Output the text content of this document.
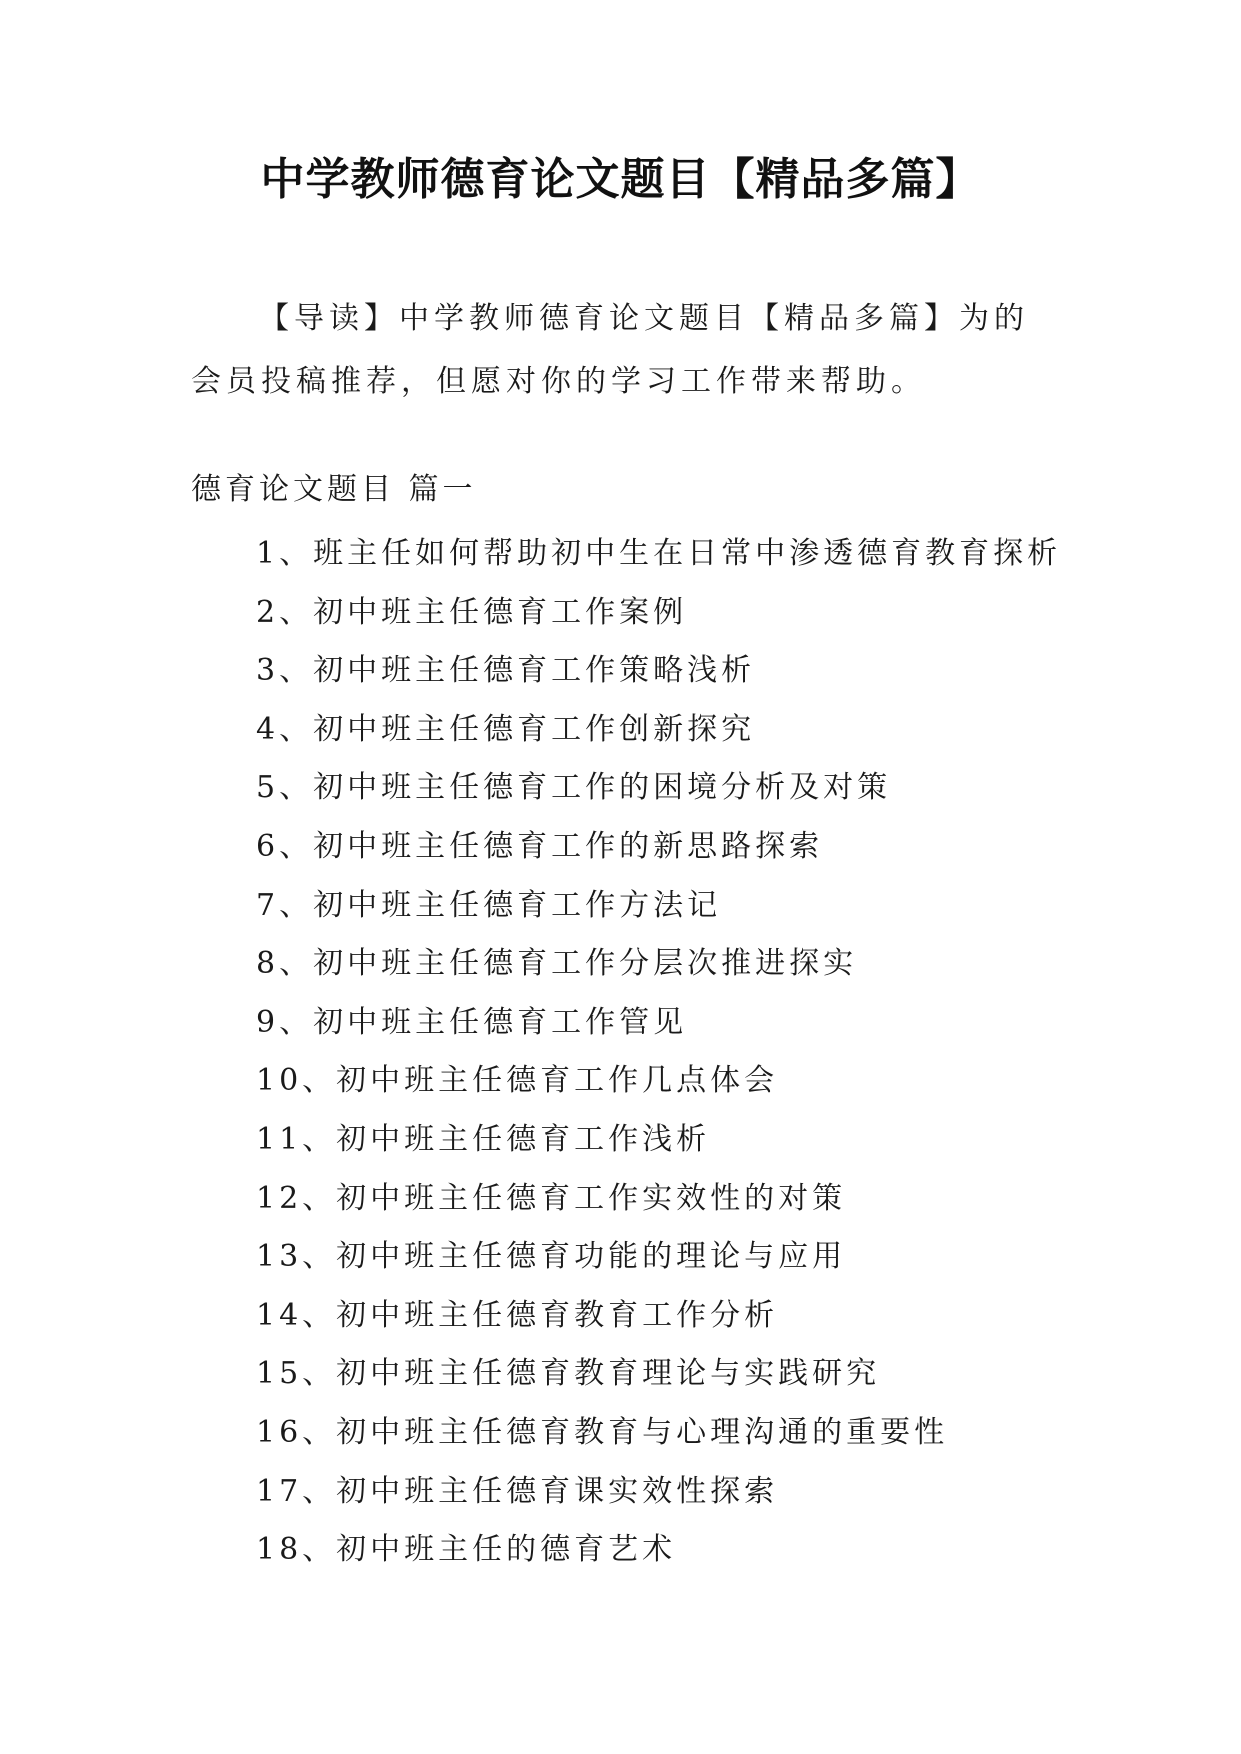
中学教师德育论文题目【精品多篇】

【导读】中学教师德育论文题目【精品多篇】为的会员投稿推荐，但愿对你的学习工作带来帮助。

德育论文题目 篇一

1、班主任如何帮助初中生在日常中渗透德育教育探析
2、初中班主任德育工作案例
3、初中班主任德育工作策略浅析
4、初中班主任德育工作创新探究
5、初中班主任德育工作的困境分析及对策
6、初中班主任德育工作的新思路探索
7、初中班主任德育工作方法记
8、初中班主任德育工作分层次推进探实
9、初中班主任德育工作管见
10、初中班主任德育工作几点体会
11、初中班主任德育工作浅析
12、初中班主任德育工作实效性的对策
13、初中班主任德育功能的理论与应用
14、初中班主任德育教育工作分析
15、初中班主任德育教育理论与实践研究
16、初中班主任德育教育与心理沟通的重要性
17、初中班主任德育课实效性探索
18、初中班主任的德育艺术
